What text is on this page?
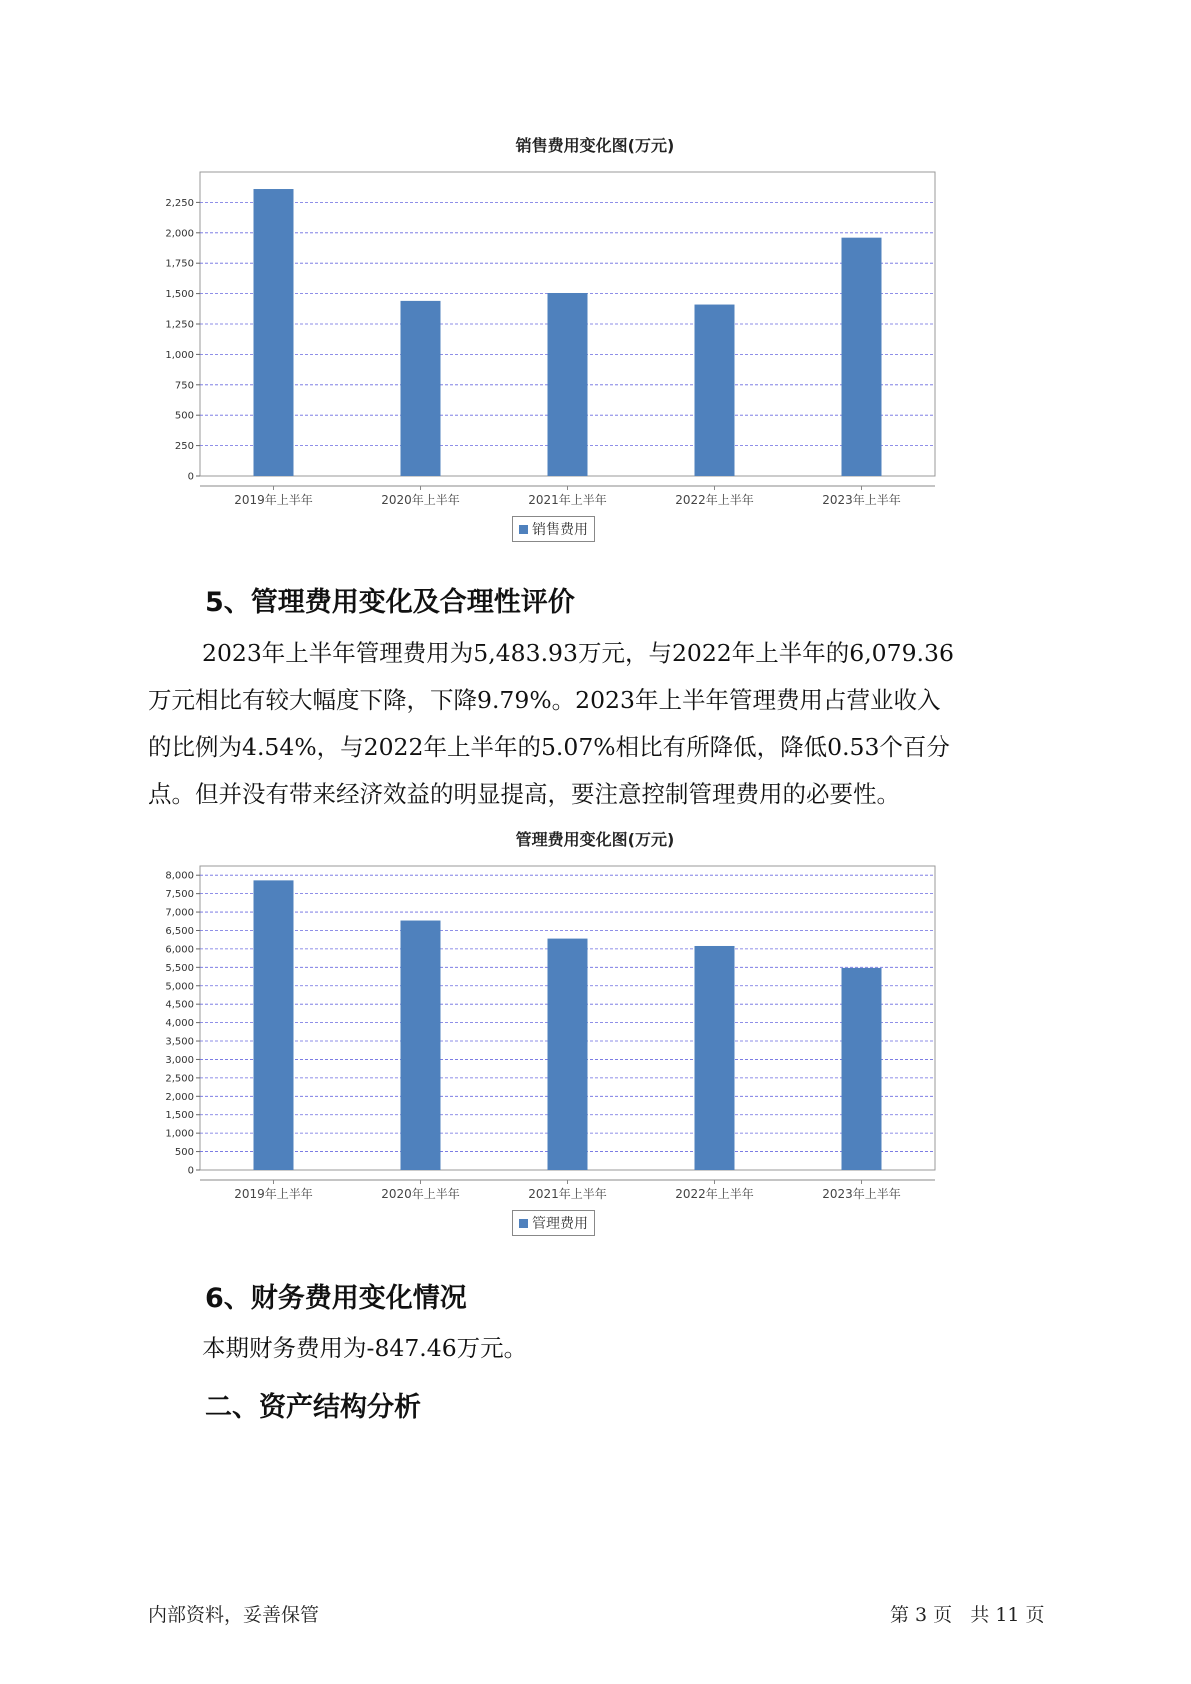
销售费用变化图(万元)
0
250
500
750
1,000
1,250
1,500
1,750
2,000
2,250
2019年上半年	2020年上半年	2021年上半年	2022年上半年	2023年上半年
销售费用
5、管理费用变化及合理性评价
2023年上半年管理费用为5,483.93万元，与2022年上半年的6,079.36
万元相比有较大幅度下降，下降9.79%。2023年上半年管理费用占营业收入
的比例为4.54%，与2022年上半年的5.07%相比有所降低，降低0.53个百分
点。但并没有带来经济效益的明显提高，要注意控制管理费用的必要性。
管理费用变化图(万元)
0
500
1,000
1,500
2,000
2,500
3,000
3,500
4,000
4,500
5,000
5,500
6,000
6,500
7,000
7,500
8,000
2019年上半年	2020年上半年	2021年上半年	2022年上半年	2023年上半年
管理费用
6、财务费用变化情况
本期财务费用为-847.46万元。
二、资产结构分析
内部资料，妥善保管	第 3 页   共 11 页
